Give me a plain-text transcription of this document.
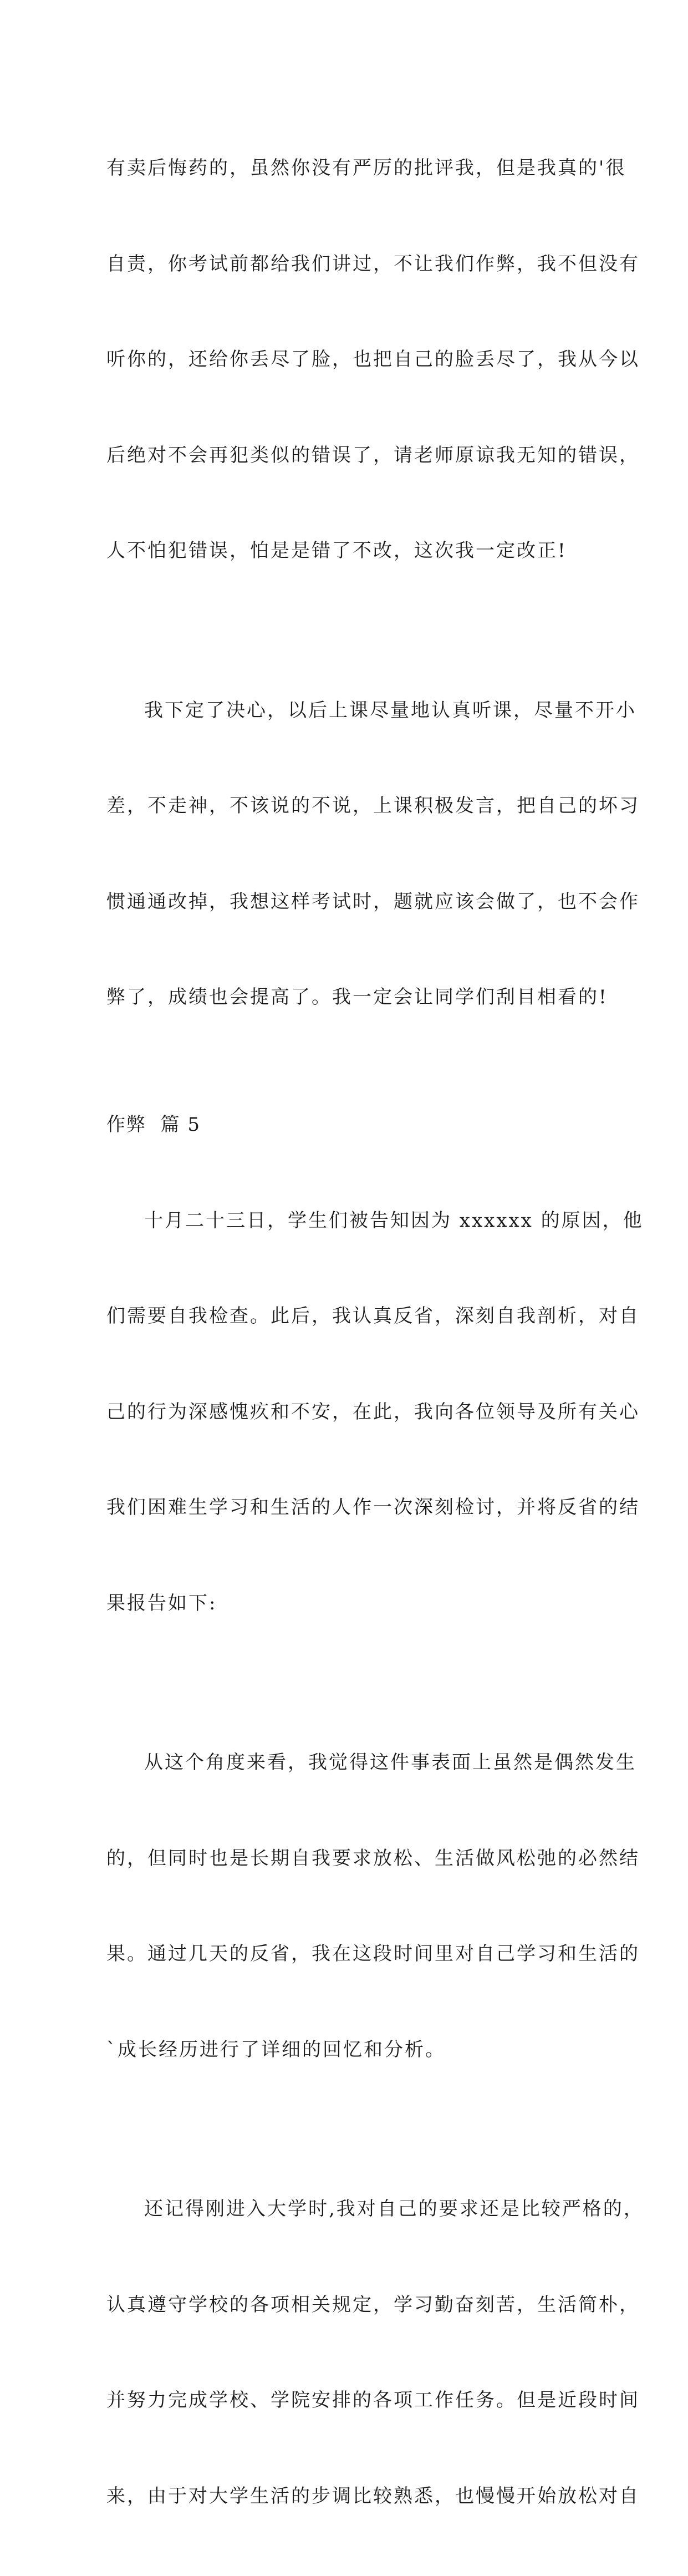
有卖后悔药的，虽然你没有严厉的批评我，但是我真的'很

自责，你考试前都给我们讲过，不让我们作弊，我不但没有

听你的，还给你丢尽了脸，也把自己的脸丢尽了，我从今以

后绝对不会再犯类似的错误了，请老师原谅我无知的错误，

人不怕犯错误，怕是是错了不改，这次我一定改正!

我下定了决心，以后上课尽量地认真听课，尽量不开小

差，不走神，不该说的不说，上课积极发言，把自己的坏习

惯通通改掉，我想这样考试时，题就应该会做了，也不会作

弊了，成绩也会提高了。我一定会让同学们刮目相看的!

作弊  篇 5

十月二十三日，学生们被告知因为 xxxxxx 的原因，他

们需要自我检查。此后，我认真反省，深刻自我剖析，对自

己的行为深感愧疚和不安，在此，我向各位领导及所有关心

我们困难生学习和生活的人作一次深刻检讨，并将反省的结

果报告如下:

从这个角度来看，我觉得这件事表面上虽然是偶然发生

的，但同时也是长期自我要求放松、生活做风松弛的必然结

果。通过几天的反省，我在这段时间里对自己学习和生活的

`成长经历进行了详细的回忆和分析。

还记得刚进入大学时,我对自己的要求还是比较严格的，

认真遵守学校的各项相关规定，学习勤奋刻苦，生活简朴，

并努力完成学校、学院安排的各项工作任务。但是近段时间

来，由于对大学生活的步调比较熟悉，也慢慢开始放松对自
